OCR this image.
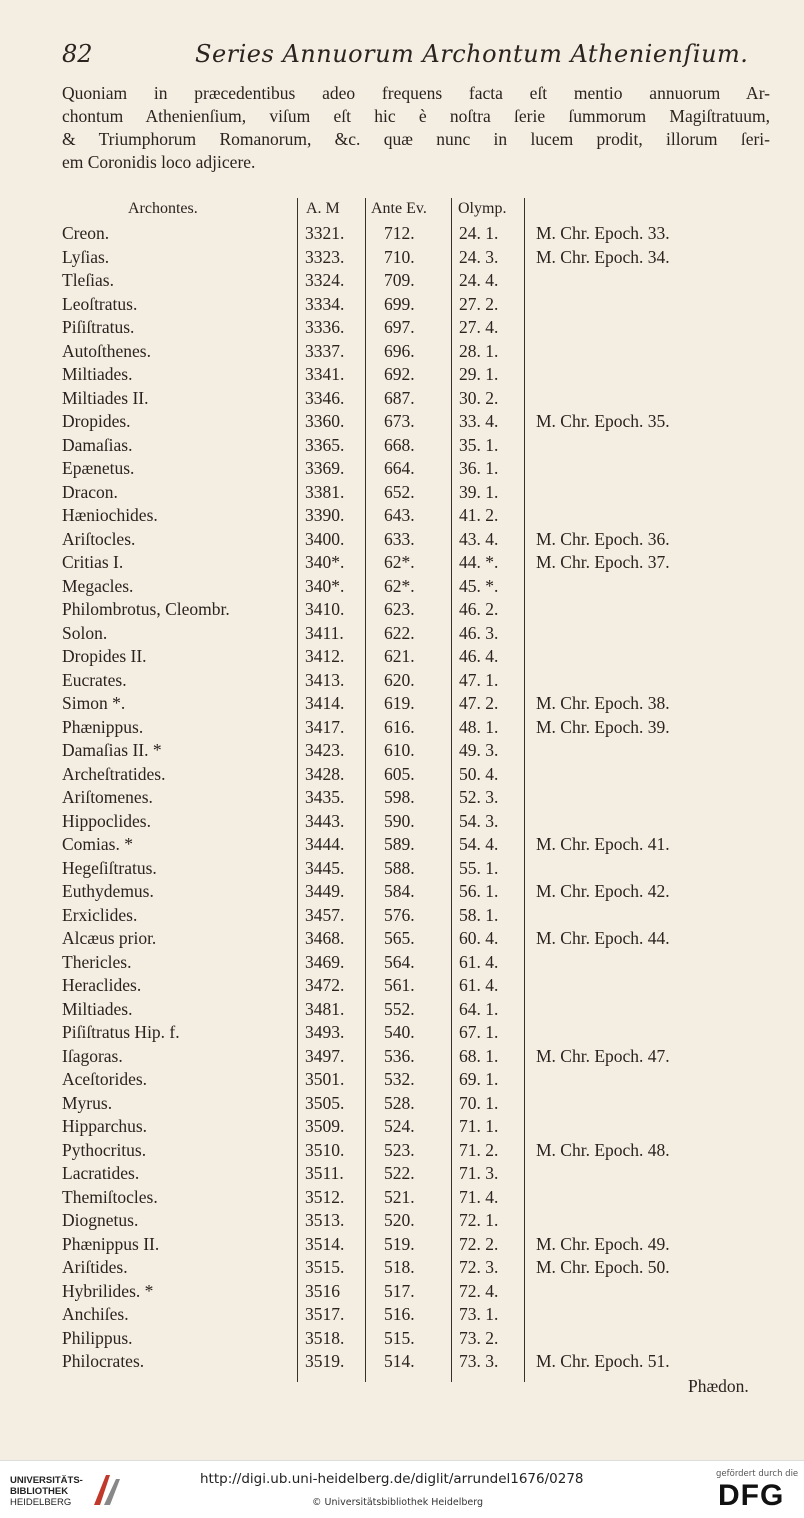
82	Series Annuorum Archontum Athenienſium.
Quoniam in præcedentibus adeo frequens facta eſt mentio annuorum Ar-
chontum Athenienſium, viſum eſt hic è noſtra ſerie ſummorum Magiſtratuum,
& Triumphorum Romanorum, &c. quæ nunc in lucem prodit, illorum ſeri-
em Coronidis loco adjicere.
Archontes.	A. M Ante Ev. Olymp.
Creon.	3321. 712.	24. 1. M. Chr. Epoch. 33.
Lyſias.	3323. 710.	24. 3. M. Chr. Epoch. 34.
Tleſias.	3324. 709.	24. 4.
Leoſtratus.	3334. 699.	27. 2.
Piſiſtratus.	3336. 697.	27. 4.
Autoſthenes.	3337. 696.	28. 1.
Miltiades.	3341. 692.	29. 1.
Miltiades II.	3346. 687.	30. 2.
Dropides.	3360. 673.	33. 4. M. Chr. Epoch. 35.
Damaſias.	3365. 668.	35. 1.
Epænetus.	3369. 664.	36. 1.
Dracon.	3381. 652.	39. 1.
Hæniochides.	3390. 643.	41. 2.
Ariſtocles.	3400. 633.	43. 4. M. Chr. Epoch. 36.
Critias I.	340*. 62*.	44. *. M. Chr. Epoch. 37.
Megacles.	340*. 62*.	45. *.
Philombrotus, Cleombr.	3410. 623.	46. 2.
Solon.	3411. 622.	46. 3.
Dropides II.	3412. 621.	46. 4.
Eucrates.	3413. 620.	47. 1.
Simon *.	3414. 619.	47. 2. M. Chr. Epoch. 38.
Phænippus.	3417. 616.	48. 1. M. Chr. Epoch. 39.
Damaſias II. *	3423. 610.	49. 3.
Archeſtratides.	3428. 605.	50. 4.
Ariſtomenes.	3435. 598.	52. 3.
Hippoclides.	3443. 590.	54. 3.
Comias. *	3444. 589.	54. 4. M. Chr. Epoch. 41.
Hegeſiſtratus.	3445. 588.	55. 1.
Euthydemus.	3449. 584.	56. 1. M. Chr. Epoch. 42.
Erxiclides.	3457. 576.	58. 1.
Alcæus prior.	3468. 565.	60. 4. M. Chr. Epoch. 44.
Thericles.	3469. 564.	61. 4.
Heraclides.	3472. 561.	61. 4.
Miltiades.	3481. 552.	64. 1.
Piſiſtratus Hip. f.	3493. 540.	67. 1.
Iſagoras.	3497. 536.	68. 1. M. Chr. Epoch. 47.
Aceſtorides.	3501. 532.	69. 1.
Myrus.	3505. 528.	70. 1.
Hipparchus.	3509. 524.	71. 1.
Pythocritus.	3510. 523.	71. 2. M. Chr. Epoch. 48.
Lacratides.	3511. 522.	71. 3.
Themiſtocles.	3512. 521.	71. 4.
Diognetus.	3513. 520.	72. 1.
Phænippus II.	3514. 519.	72. 2. M. Chr. Epoch. 49.
Ariſtides.	3515. 518.	72. 3. M. Chr. Epoch. 50.
Hybrilides. *	3516	517.	72. 4.
Anchiſes.	3517. 516.	73. 1.
Philippus.	3518. 515.	73. 2.
Philocrates.	3519. 514.	73. 3. M. Chr. Epoch. 51.
Phædon.
UNIVERSITÄTS-
BIBLIOTHEK
HEIDELBERG
http://digi.ub.uni-heidelberg.de/diglit/arrundel1676/0278
© Universitätsbibliothek Heidelberg
gefördert durch die
DFG
